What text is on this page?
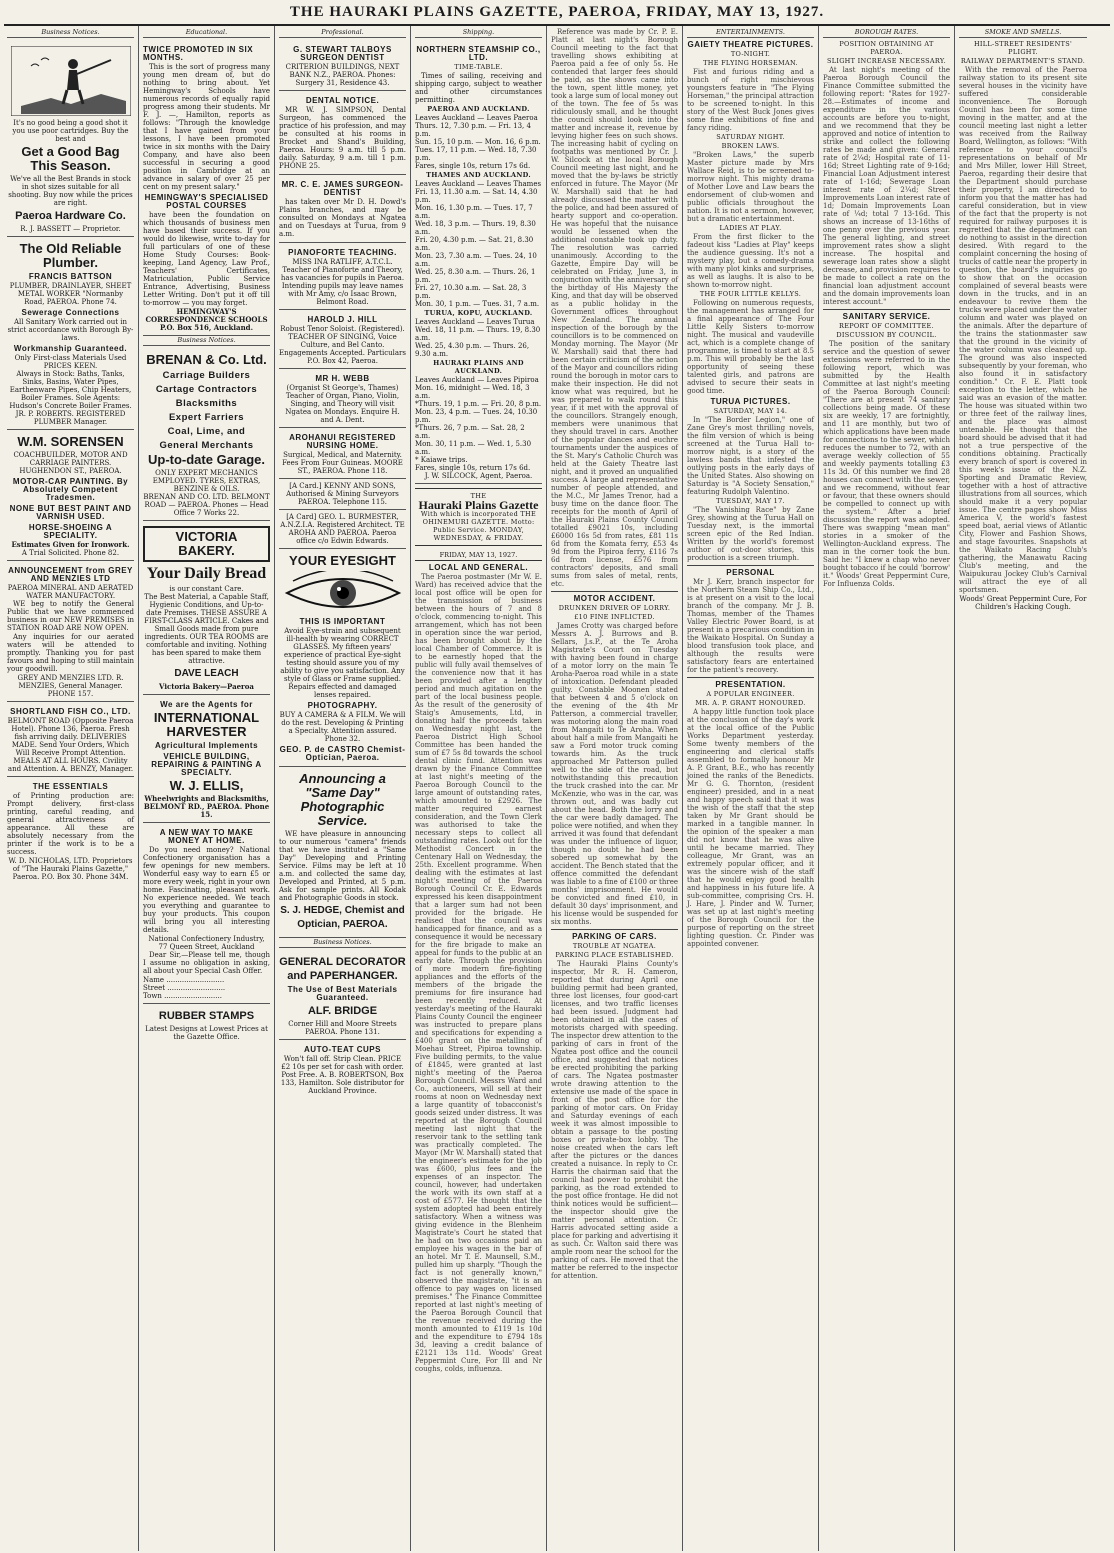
THE HAURAKI PLAINS GAZETTE, PAEROA, FRIDAY, MAY 13, 1927.
Business Notices.
It's no good being a good shot it you use poor cartridges. Buy the best and
Get a Good Bag This Season.
We've all the Best Brands in stock in shot sizes suitable for all shooting. Buy now while the prices are right.
Paeroa Hardware Co.
R. J. BASSETT — Proprietor.
The Old Reliable Plumber.
FRANCIS BATTSON
PLUMBER, DRAINLAYER, SHEET METAL WORKER "Normanby Road, PAEROA. Phone 74.
Sewerage Connections
All Sanitary Work carried out in strict accordance with Borough By-laws.
Workmanship Guaranteed.
Only First-class Materials Used PRICES KEEN.
Always in Stock: Baths, Tanks, Sinks, Basins, Water Pipes, Earthenware Pipes, Chip Heaters, Boiler Frames. Sole Agents: Hudson's Concrete Boiler Frames.
JR. P. ROBERTS. REGISTERED PLUMBER Manager.
W.M. SORENSEN
COACHBUILDER, MOTOR AND CARRIAGE PAINTERS. HUGHENDON ST., PAEROA.
MOTOR-CAR PAINTING. By Absolutely Competent Tradesmen.
NONE BUT BEST PAINT AND VARNISH USED.
HORSE-SHOEING A SPECIALITY.
Estimates Given for Ironwork.
A Trial Solicited. Phone 82.
ANNOUNCEMENT from GREY AND MENZIES LTD
PAEROA MINERAL AND AERATED WATER MANUFACTORY.
WE beg to notify the General Public that we have commenced business in our NEW PREMISES in STATION ROAD ARE NOW OPEN.
Any inquiries for our aerated waters will be attended to promptly. Thanking you for past favours and hoping to still maintain your goodwill.
GREY AND MENZIES LTD. R. MENZIES, General Manager. PHONE 157.
SHORTLAND FISH CO., LTD.
BELMONT ROAD (Opposite Paeroa Hotel). Phone 136, Paeroa. Fresh fish arriving daily. DELIVERIES MADE. Send Your Orders, Which Will Receive Prompt Attention. MEALS AT ALL HOURS. Civility and Attention. A. BENZY, Manager.
THE ESSENTIALS
of Printing production are: Prompt delivery, first-class printing, careful reading, and general attractiveness of appearance. All these are absolutely necessary from the printer if the work is to be a success.
W. D. NICHOLAS, LTD. Proprietors of "The Hauraki Plains Gazette," Paeroa. P.O. Box 30. Phone 34M.
Educational.
TWICE PROMOTED IN SIX MONTHS.
This is the sort of progress many young men dream of, but do nothing to bring about. Yet Hemingway's Schools have numerous records of equally rapid progress among their students. Mr F. J. —, Hamilton, reports as follows: "Through the knowledge that I have gained from your lessons, I have been promoted twice in six months with the Dairy Company, and have also been successful in securing a good position in Cambridge at an advance in salary of over 25 per cent on my present salary."
HEMINGWAY'S SPECIALISED POSTAL COURSES
have been the foundation on which thousands of business men have based their success. If you would do likewise, write to-day for full particulars of one of these Home Study Courses: Book-keeping, Land Agency, Law Prof., Teachers' Certificates, Matriculation, Public Service Entrance, Advertising, Business Letter Writing. Don't put it off till to-morrow — you may forget.
HEMINGWAY'S CORRESPONDENCE SCHOOLS P.O. Box 516, Auckland.
Business Notices.
BRENAN & Co. Ltd.
Carriage Builders
Cartage Contractors
Blacksmiths
Expert Farriers
Coal, Lime, and
General Merchants
Up-to-date Garage.
ONLY EXPERT MECHANICS EMPLOYED. TYRES, EXTRAS, BENZINE & OILS.
BRENAN AND CO. LTD. BELMONT ROAD — PAEROA. Phones — Head Office 7 Works 22.
VICTORIA BAKERY.
Your Daily Bread
is our constant Care.
The Best Material, a Capable Staff, Hygienic Conditions, and Up-to-date Premises. THESE ASSURE A FIRST-CLASS ARTICLE. Cakes and Small Goods made from pure ingredients. OUR TEA ROOMS are comfortable and inviting. Nothing has been spared to make them attractive.
DAVE LEACH
Victoria Bakery—Paeroa
We are the Agents for
INTERNATIONAL HARVESTER
Agricultural Implements
VEHICLE BUILDING, REPAIRING & PAINTING A SPECIALTY.
W. J. ELLIS,
Wheelwrights and Blacksmiths, BELMONT RD., PAEROA. Phone 15.
A NEW WAY TO MAKE MONEY AT HOME.
Do you need money? National Confectionery organisation has a few openings for new members. Wonderful easy way to earn £5 or more every week, right in your own home. Fascinating, pleasant work. No experience needed. We teach you everything and guarantee to buy your products. This coupon will bring you all interesting details.
National Confectionery Industry, 77 Queen Street, Auckland
Dear Sir,—Please tell me, though I assume no obligation in asking, all about your Special Cash Offer.
Name ..........................
Street ..........................
Town ..........................
RUBBER STAMPS
Latest Designs at Lowest Prices at the Gazette Office.
Professional.
G. STEWART TALBOYS SURGEON DENTIST
CRITERION BUILDINGS, NEXT BANK N.Z., PAEROA. Phones: Surgery 31, Residence 43.
DENTAL NOTICE.
MR W. J. SIMPSON, Dental Surgeon, has commenced the practice of his profession, and may be consulted at his rooms in Brocket and Shand's Building, Paeroa. Hours: 9 a.m. till 5 p.m. daily. Saturday, 9 a.m. till 1 p.m. PHONE 25.
MR. C. E. JAMES SURGEON-DENTIST
has taken over Mr D. H. Dowd's Plains branches, and may be consulted on Mondays at Ngatea and on Tuesdays at Turua, from 9 a.m.
PIANOFORTE TEACHING.
MISS INA RATLIFF, A.T.C.L. Teacher of Pianoforte and Theory, has vacancies for pupils in Paeroa. Intending pupils may leave names with Mr Amy, c/o Isaac Brown, Belmont Road.
HAROLD J. HILL
Robust Tenor Soloist. (Registered). TEACHER OF SINGING, Voice Culture, and Bel Canto. Engagements Accepted. Particulars P.O. Box 42, Paeroa.
MR H. WEBB
(Organist St George's, Thames) Teacher of Organ, Piano, Violin, Singing, and Theory will visit Ngatea on Mondays. Enquire H. and A. Dent.
AROHANUI REGISTERED NURSING HOME.
Surgical, Medical, and Maternity. Fees From Four Guineas. MOORE ST., PAEROA. Phone 118.
[A Card.] KENNY AND SONS, Authorised & Mining Surveyors PAEROA. Telephone 115.
[A Card] GEO. L. BURMESTER, A.N.Z.I.A. Registered Architect. TE AROHA AND PAEROA. Paeroa office c/o Edwin Edwards.
YOUR EYESIGHT
THIS IS IMPORTANT
Avoid Eye-strain and subsequent ill-health by wearing CORRECT GLASSES. My fifteen years' experience of practical Eye-sight testing should assure you of my ability to give you satisfaction. Any style of Glass or Frame supplied. Repairs effected and damaged lenses repaired.
PHOTOGRAPHY.
BUY A CAMERA & A FILM. We will do the rest. Developing & Printing a Specialty. Attention assured. Phone 32.
GEO. P. de CASTRO Chemist-Optician, Paeroa.
Announcing a "Same Day" Photographic Service.
WE have pleasure in announcing to our numerous "camera" friends that we have instituted a "Same Day" Developing and Printing Service. Films may be left at 10 a.m. and collected the same day, Developed and Printed, at 5 p.m. Ask for sample prints. All Kodak and Photographic Goods in stock.
S. J. HEDGE, Chemist and Optician, PAEROA.
Business Notices.
GENERAL DECORATOR and PAPERHANGER.
The Use of Best Materials Guaranteed.
ALF. BRIDGE
Corner Hill and Moore Streets PAEROA. Phone 131.
AUTO-TEAT CUPS
Won't fall off. Strip Clean. PRICE £2 10s per set for cash with order. Post Free. A. B. ROBERTSON, Box 133, Hamilton. Sole distributor for Auckland Province.
Shipping.
NORTHERN STEAMSHIP CO., LTD.
TIME-TABLE.
Times of sailing, receiving and shipping cargo, subject to weather and other circumstances permitting.
PAEROA AND AUCKLAND.
Leaves Auckland — Leaves Paeroa
Thurs. 12, 7.30 p.m. — Fri. 13, 4 p.m.
Sun. 15, 10 p.m. — Mon. 16, 6 p.m.
Tues. 17, 11 p.m. — Wed. 18, 7.30 p.m.
Fares, single 10s, return 17s 6d.
THAMES AND AUCKLAND.
Leaves Auckland — Leaves Thames
Fri. 13, 11.30 a.m. — Sat. 14, 4.30 p.m.
Mon. 16, 1.30 p.m. — Tues. 17, 7 a.m.
Wed. 18, 3 p.m. — Thurs. 19, 8.30 a.m.
Fri. 20, 4.30 p.m. — Sat. 21, 8.30 a.m.
Mon. 23, 7.30 a.m. — Tues. 24, 10 a.m.
Wed. 25, 8.30 a.m. — Thurs. 26, 1 p.m.
Fri. 27, 10.30 a.m. — Sat. 28, 3 p.m.
Mon. 30, 1 p.m. — Tues. 31, 7 a.m.
TURUA, KOPU, AUCKLAND.
Leaves Auckland — Leaves Turua
Wed. 18, 11 p.m. — Thurs. 19, 8.30 a.m.
Wed. 25, 4.30 p.m. — Thurs. 26, 9.30 a.m.
HAURAKI PLAINS AND AUCKLAND.
Leaves Auckland — Leaves Pipiroa
Mon. 16, midnight — Wed. 18, 3 a.m.
*Thurs. 19, 1 p.m. — Fri. 20, 8 p.m.
Mon. 23, 4 p.m. — Tues. 24, 10.30 p.m.
*Thurs. 26, 7 p.m. — Sat. 28, 2 a.m.
Mon. 30, 11 p.m. — Wed. 1, 5.30 a.m.
* Kaiawe trips.
Fares, single 10s, return 17s 6d.
J. W. SILCOCK, Agent, Paeroa.
THE
Hauraki Plains Gazette
With which is incorporated THE OHINEMURI GAZETTE. Motto: Public Service. MONDAY, WEDNESDAY, & FRIDAY.
FRIDAY, MAY 13, 1927.
LOCAL AND GENERAL.
The Paeroa postmaster (Mr W. E. Ward) has received advice that the local post office will be open for the transmission of business between the hours of 7 and 8 o'clock, commencing to-night. This arrangement, which has not been in operation since the war period, has been brought about by the local Chamber of Commerce. It is to be earnestly hoped that the public will fully avail themselves of the convenience now that it has been provided after a lengthy period and much agitation on the part of the local business people. As the result of the generosity of Staig's Amusements, Ltd, in donating half the proceeds taken on Wednesday night last, the Paeroa District High School Committee has been handed the sum of £7 5s 8d towards the school dental clinic fund. Attention was drawn by the Finance Committee at last night's meeting of the Paeroa Borough Council to the large amount of outstanding rates, which amounted to £2926. The matter required earnest consideration, and the Town Clerk was authorised to take the necessary steps to collect all outstanding rates. Look out for the Methodist Concert in the Centenary Hall on Wednesday, the 25th. Excellent programme. When dealing with the estimates at last night's meeting of the Paeroa Borough Council Cr. E. Edwards expressed his keen disappointment that a larger sum had not been provided for the brigade. He realised that the council was handicapped for finance, and as a consequence it would be necessary for the fire brigade to make an appeal for funds to the public at an early date. Through the provision of more modern fire-fighting appliances and the efforts of the members of the brigade the premiums for fire insurance had been recently reduced. At yesterday's meeting of the Hauraki Plains County Council the engineer was instructed to prepare plans and specifications for expending a £400 grant on the metalling of Moehau Street, Pipiroa township. Five building permits, to the value of £1845, were granted at last night's meeting of the Paeroa Borough Council. Messrs Ward and Co., auctioneers, will sell at their rooms at noon on Wednesday next a large quantity of tobacconist's goods seized under distress. It was reported at the Borough Council meeting last night that the reservoir tank to the settling tank was practically completed. The Mayor (Mr W. Marshall) stated that the engineer's estimate for the job was £600, plus fees and the expenses of an inspector. The council, however, had undertaken the work with its own staff at a cost of £577. He thought that the system adopted had been entirely satisfactory. When a witness was giving evidence in the Blenheim Magistrate's Court he stated that he had on two occasions paid an employee his wages in the bar of an hotel. Mr T. E. Maunsell, S.M., pulled him up sharply. "Though the fact is not generally known," observed the magistrate, "it is an offence to pay wages on licensed premises." The Finance Committee reported at last night's meeting of the Paeroa Borough Council that the revenue received during the month amounted to £119 1s 10d and the expenditure to £794 18s 3d, leaving a credit balance of £2121 13s 11d. Woods' Great Peppermint Cure, For Ill and Nr coughs, colds, influenza.
Reference was made by Cr. P. E. Platt at last night's Borough Council meeting to the fact that travelling shows exhibiting at Paeroa paid a fee of only 5s. He contended that larger fees should be paid, as the shows came into the town, spent little money, yet took a large sum of local money out of the town. The fee of 5s was ridiculously small, and he thought the council should look into the matter and increase it, revenue by levying higher fees on such shows. The increasing habit of cycling on footpaths was mentioned by Cr. J. W. Silcock at the local Borough Council meeting last night, and he moved that the by-laws be strictly enforced in future. The Mayor (Mr W. Marshall) said that he had already discussed the matter with the police, and had been assured of hearty support and co-operation. He was hopeful that the nuisance would be lessened when the additional constable took up duty. The resolution was carried unanimously. According to the Gazette, Empire Day will be celebrated on Friday, June 3, in conjunction with the anniversary of the birthday of His Majesty the King, and that day will be observed as a public holiday in the Government offices throughout New Zealand. The annual inspection of the borough by the councillors is to be commenced on Monday morning. The Mayor (Mr W. Marshall) said that there had been certain criticism of the action of the Mayor and councillors riding round the borough in motor cars to make their inspection. He did not know what was required, but he was prepared to walk round this year, if it met with the approval of the councillors. Strangely enough, members were unanimous that they should travel in cars. Another of the popular dances and euchre tournaments under the auspices of the St. Mary's Catholic Church was held at the Gaiety Theatre last night, and it proved an unqualified success. A large and representative number of people attended, and the M.C., Mr James Trenor, had a busy time on the dance floor. The receipts for the month of April of the Hauraki Plains County Council totalled £9021 10s, including £6000 16s 5d from rates, £81 11s 6d from the Komata ferry, £53 4s 9d from the Pipiroa ferry, £116 7s 6d from license, £576 from contractors' deposits, and small sums from sales of metal, rents, etc.
MOTOR ACCIDENT.
DRUNKEN DRIVER OF LORRY.
£10 FINE INFLICTED.
James Crotty was charged before Messrs A. J. Burrows and B. Sellars, J.s.P., at the Te Aroha Magistrate's Court on Tuesday with having been found in charge of a motor lorry on the main Te Aroha-Paeroa road while in a state of intoxication. Defendant pleaded guilty. Constable Moonen stated that between 4 and 5 o'clock on the evening of the 4th Mr Patterson, a commercial traveller, was motoring along the main road from Mangaiti to Te Aroha. When about half a mile from Mangaiti he saw a Ford motor truck coming towards him. As the truck approached Mr Patterson pulled well to the side of the road, but notwithstanding this precaution the truck crashed into the car. Mr McKenzie, who was in the car, was thrown out, and was badly cut about the head. Both the lorry and the car were badly damaged. The police were notified, and when they arrived it was found that defendant was under the influence of liquor, though no doubt he had been sobered up somewhat by the accident. The Bench stated that the offence committed the defendant was liable to a fine of £100 or three months' imprisonment. He would be convicted and fined £10, in default 30 days' imprisonment, and his license would be suspended for six months.
PARKING OF CARS.
TROUBLE AT NGATEA.
PARKING PLACE ESTABLISHED.
The Hauraki Plains County's inspector, Mr R. H. Cameron, reported that during April one building permit had been granted, three lost licenses, four good-cart licenses, and two traffic licenses had been issued. Judgment had been obtained in all the cases of motorists charged with speeding. The inspector drew attention to the parking of cars in front of the Ngatea post office and the council office, and suggested that notices be erected prohibiting the parking of cars. The Ngatea postmaster wrote drawing attention to the extensive use made of the space in front of the post office for the parking of motor cars. On Friday and Saturday evenings of each week it was almost impossible to obtain a passage to the posting boxes or private-box lobby. The noise created when the cars left after the pictures or the dances created a nuisance. In reply to Cr. Harris the chairman said that the council had power to prohibit the parking, as the road extended to the post office frontage. He did not think notices would be sufficient—the inspector should give the matter personal attention. Cr. Harris advocated setting aside a place for parking and advertising it as such. Cr. Walton said there was ample room near the school for the parking of cars. He moved that the matter be referred to the inspector for attention.
ENTERTAINMENTS.
GAIETY THEATRE PICTURES.
TO-NIGHT.
THE FLYING HORSEMAN.
Fist and furious riding and a bunch of right mischievous youngsters feature in "The Flying Horseman," the principal attraction to be screened to-night. In this story of the West Buck Jones gives some fine exhibitions of fine and fancy riding.
SATURDAY NIGHT.
BROKEN LAWS.
"Broken Laws," the superb Master picture made by Mrs Wallace Reid, is to be screened to-morrow night. This mighty drama of Mother Love and Law bears the endorsement of club-women and public officials throughout the nation. It is not a sermon, however, but a dramatic entertainment.
LADIES AT PLAY.
From the first flicker to the fadeout kiss "Ladies at Play" keeps the audience guessing. It's not a mystery play, but a comedy-drama with many plot kinks and surprises, as well as laughs. It is also to be shown to-morrow night.
THE FOUR LITTLE KELLYS.
Following on numerous requests, the management has arranged for a final appearance of The Four Little Kelly Sisters to-morrow night. The musical and vaudeville act, which is a complete change of programme, is timed to start at 8.5 p.m. This will probably be the last opportunity of seeing these talented girls, and patrons are advised to secure their seats in good time.
TURUA PICTURES.
SATURDAY, MAY 14.
In "The Border Legion," one of Zane Grey's most thrilling novels, the film version of which is being screened at the Turua Hall to-morrow night, is a story of the lawless bands that infested the outlying posts in the early days of the United States. Also showing on Saturday is "A Society Sensation," featuring Rudolph Valentino.
TUESDAY, MAY 17.
"The Vanishing Race" by Zane Grey, showing at the Turua Hall on Tuesday next, is the immortal screen epic of the Red Indian. Written by the world's foremost author of out-door stories, this production is a screen triumph.
PERSONAL
Mr J. Kerr, branch inspector for the Northern Steam Ship Co., Ltd., is at present on a visit to the local branch of the company. Mr J. B. Thomas, member of the Thames Valley Electric Power Board, is at present in a precarious condition in the Waikato Hospital. On Sunday a blood transfusion took place, and although the results were satisfactory fears are entertained for the patient's recovery.
PRESENTATION.
A POPULAR ENGINEER.
MR. A. P. GRANT HONOURED.
A happy little function took place at the conclusion of the day's work at the local office of the Public Works Department yesterday. Some twenty members of the engineering and clerical staffs assembled to formally honour Mr A. P. Grant, B.E., who has recently joined the ranks of the Benedicts. Mr G. G. Thornton, (resident engineer) presided, and in a neat and happy speech said that it was the wish of the staff that the step taken by Mr Grant should be marked in a tangible manner. In the opinion of the speaker a man did not know that he was alive until he became married. They colleague, Mr Grant, was an extremely popular officer, and it was the sincere wish of the staff that he would enjoy good health and happiness in his future life. A sub-committee, comprising Crs. H. J. Hare, J. Pinder and W. Turner, was set up at last night's meeting of the Borough Council for the purpose of reporting on the street lighting question. Cr. Pinder was appointed convener.
BOROUGH RATES.
POSITION OBTAINING AT PAEROA.
SLIGHT INCREASE NECESSARY.
At last night's meeting of the Paeroa Borough Council the Finance Committee submitted the following report: "Rates for 1927-28.—Estimates of income and expenditure in the various accounts are before you to-night, and we recommend that they be approved and notice of intention to strike and collect the following rates be made and given: General rate of 2¼d; Hospital rate of 11-16d; Street Lighting rate of 9-16d; Financial Loan Adjustment interest rate of 1-16d; Sewerage Loan interest rate of 2¼d; Street Improvements Loan interest rate of 1d; Domain Improvements Loan rate of ¼d; total 7 13-16d. This shows an increase of 13-16ths of one penny over the previous year. The general lighting, and street improvement rates show a slight increase. The hospital and sewerage loan rates show a slight decrease, and provision requires to be made to collect a rate on the financial loan adjustment account and the domain improvements loan interest account."
SANITARY SERVICE.
REPORT OF COMMITTEE.
DISCUSSION BY COUNCIL.
The position of the sanitary service and the question of sewer extensions were referred to in the following report, which was submitted by the Health Committee at last night's meeting of the Paeroa Borough Council: "There are at present 74 sanitary collections being made. Of these six are weekly, 17 are fortnightly, and 11 are monthly, but two of which applications have been made for connections to the sewer, which reduces the number to 72, with an average weekly collection of 55 and weekly payments totalling £3 11s 3d. Of this number we find 28 houses can connect with the sewer, and we recommend, without fear or favour, that these owners should be compelled to connect up with the system." After a brief discussion the report was adopted. There was swapping "mean man" stories in a smoker of the Wellington-Auckland express. The man in the corner took the bun. Said he: "I knew a chap who never bought tobacco if he could 'borrow' it." Woods' Great Peppermint Cure, For Influenza Colds.
SMOKE AND SMELLS.
HILL-STREET RESIDENTS' PLIGHT.
RAILWAY DEPARTMENT'S STAND.
With the removal of the Paeroa railway station to its present site several houses in the vicinity have suffered considerable inconvenience. The Borough Council has been for some time moving in the matter, and at the council meeting last night a letter was received from the Railway Board, Wellington, as follows: "With reference to your council's representations on behalf of Mr and Mrs Miller, lower Hill Street, Paeroa, regarding their desire that the Department should purchase their property, I am directed to inform you that the matter has had careful consideration, but in view of the fact that the property is not required for railway purposes it is regretted that the department can do nothing to assist in the direction desired. With regard to the complaint concerning the hosing of trucks of cattle near the property in question, the board's inquiries go to show that on the occasion complained of several beasts were down in the trucks, and in an endeavour to revive them the trucks were placed under the water column and water was played on the animals. After the departure of the trains the stationmaster saw that the ground in the vicinity of the water column was cleaned up. The ground was also inspected subsequently by your foreman, who also found it in satisfactory condition." Cr. F. E. Platt took exception to the letter, which he said was an evasion of the matter. The house was situated within two or three feet of the railway lines, and the place was almost untenable. He thought that the board should be advised that it had not a true perspective of the conditions obtaining. Practically every branch of sport is covered in this week's issue of the N.Z. Sporting and Dramatic Review, together with a host of attractive illustrations from all sources, which should make it a very popular issue. The centre pages show Miss America V, the world's fastest speed boat, aerial views of Atlantic City, Flower and Fashion Shows, and stage favourites. Snapshots at the Waikato Racing Club's gathering, the Manawatu Racing Club's meeting, and the Waipukurau Jockey Club's Carnival will attract the eye of all sportsmen.
Woods' Great Peppermint Cure, For Children's Hacking Cough.
